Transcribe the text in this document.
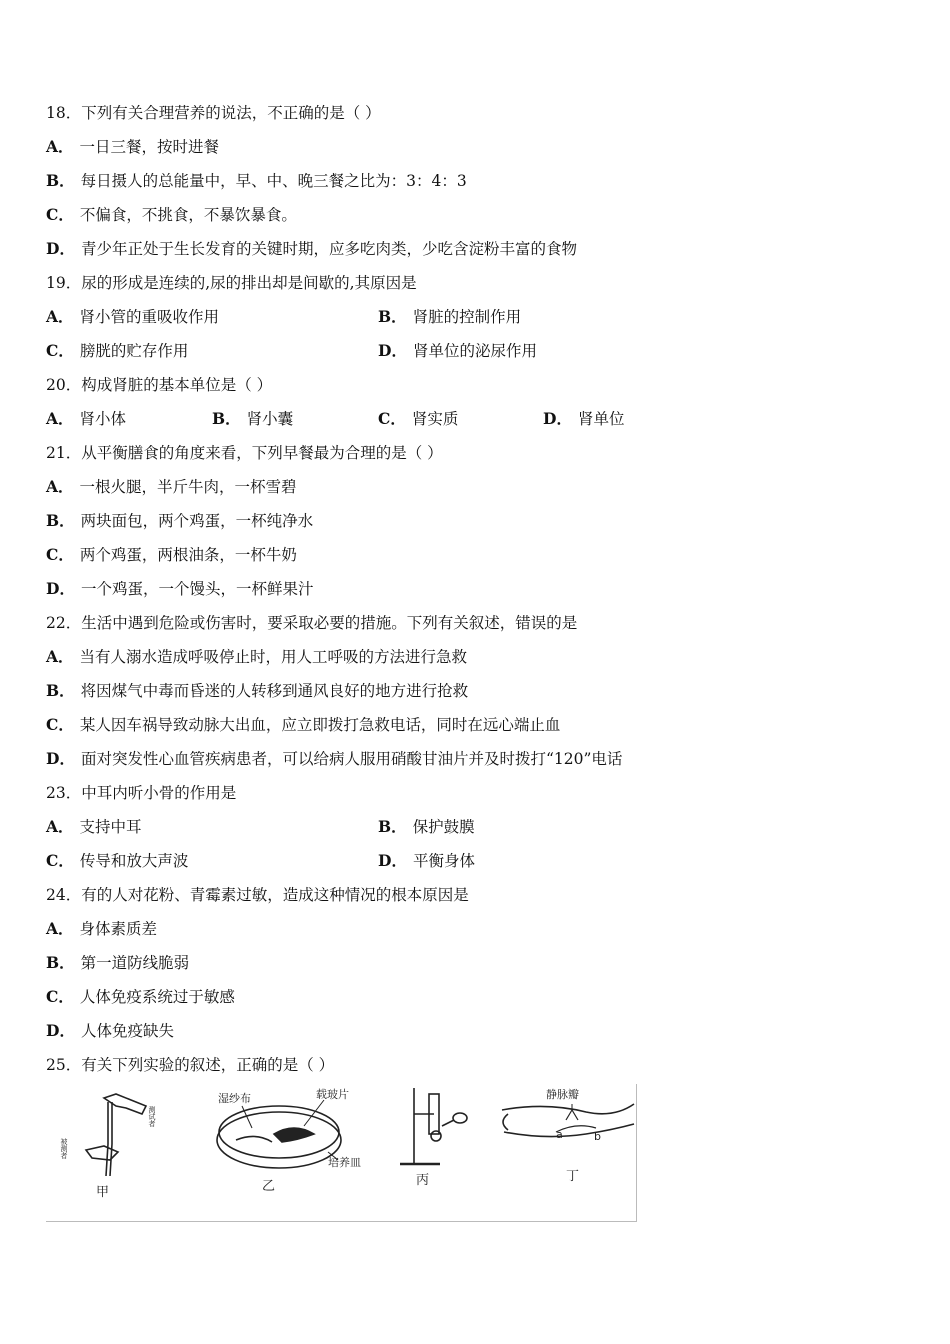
18．下列有关合理营养的说法，不正确的是（ ）
A． 一日三餐，按时进餐
B． 每日摄人的总能量中，早、中、晚三餐之比为：3：4：3
C． 不偏食，不挑食，不暴饮暴食。
D． 青少年正处于生长发育的关键时期，应多吃肉类，少吃含淀粉丰富的食物
19．尿的形成是连续的,尿的排出却是间歇的,其原因是
A． 肾小管的重吸收作用	B． 肾脏的控制作用
C． 膀胱的贮存作用	D． 肾单位的泌尿作用
20．构成肾脏的基本单位是（ ）
A． 肾小体	B． 肾小囊	C． 肾实质	D． 肾单位
21．从平衡膳食的角度来看，下列早餐最为合理的是（ ）
A． 一根火腿，半斤牛肉，一杯雪碧
B． 两块面包，两个鸡蛋，一杯纯净水
C． 两个鸡蛋，两根油条，一杯牛奶
D． 一个鸡蛋，一个馒头，一杯鲜果汁
22．生活中遇到危险或伤害时，要采取必要的措施。下列有关叙述，错误的是
A． 当有人溺水造成呼吸停止时，用人工呼吸的方法进行急救
B． 将因煤气中毒而昏迷的人转移到通风良好的地方进行抢救
C． 某人因车祸导致动脉大出血，应立即拨打急救电话，同时在远心端止血
D． 面对突发性心血管疾病患者，可以给病人服用硝酸甘油片并及时拨打“120”电话
23．中耳内听小骨的作用是
A． 支持中耳	B． 保护鼓膜
C． 传导和放大声波	D． 平衡身体
24．有的人对花粉、青霉素过敏，造成这种情况的根本原因是
A． 身体素质差
B． 第一道防线脆弱
C． 人体免疫系统过于敏感
D． 人体免疫缺失
25．有关下列实验的叙述，正确的是（ ）
测试者
被测者
甲
湿纱布	载玻片
培养皿
乙	丙
静脉瓣
a	b
丁
